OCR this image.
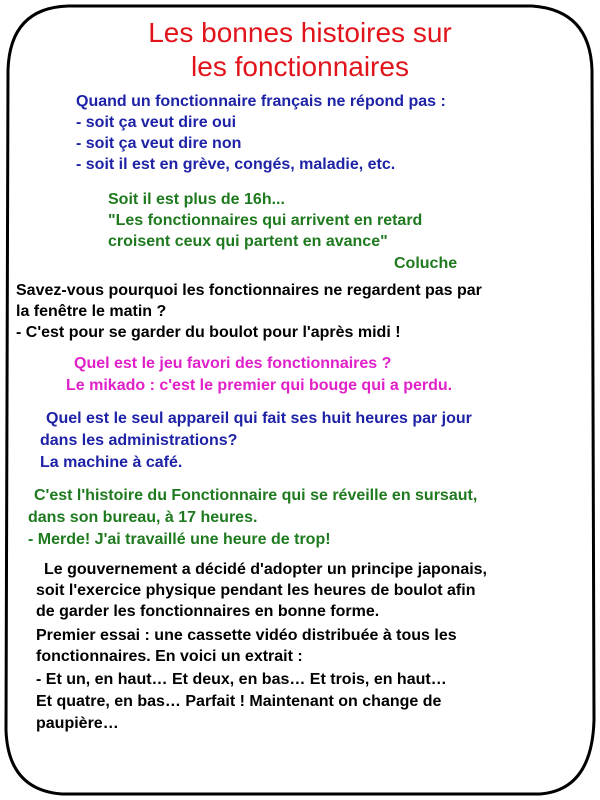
Les bonnes histoires sur
les fonctionnaires
Quand un fonctionnaire français ne répond pas :
- soit ça veut dire oui
- soit ça veut dire non
- soit il est en grève, congés, maladie, etc.
Soit il est plus de 16h...
"Les fonctionnaires qui arrivent en retard
croisent ceux qui partent en avance"
Coluche
Savez-vous pourquoi les fonctionnaires ne regardent pas par
la fenêtre le matin ?
- C'est pour se garder du boulot pour l'après midi !
Quel est le jeu favori des fonctionnaires ?
Le mikado : c'est le premier qui bouge qui a perdu.
Quel est le seul appareil qui fait ses huit heures par jour
dans les administrations?
La machine à café.
C'est l'histoire du Fonctionnaire qui se réveille en sursaut,
dans son bureau, à 17 heures.
- Merde! J'ai travaillé une heure de trop!
Le gouvernement a décidé d'adopter un principe japonais,
soit l'exercice physique pendant les heures de boulot afin
de garder les fonctionnaires en bonne forme.
Premier essai : une cassette vidéo distribuée à tous les
fonctionnaires. En voici un extrait :
- Et un, en haut… Et deux, en bas… Et trois, en haut…
Et quatre, en bas… Parfait ! Maintenant on change de
paupière…
